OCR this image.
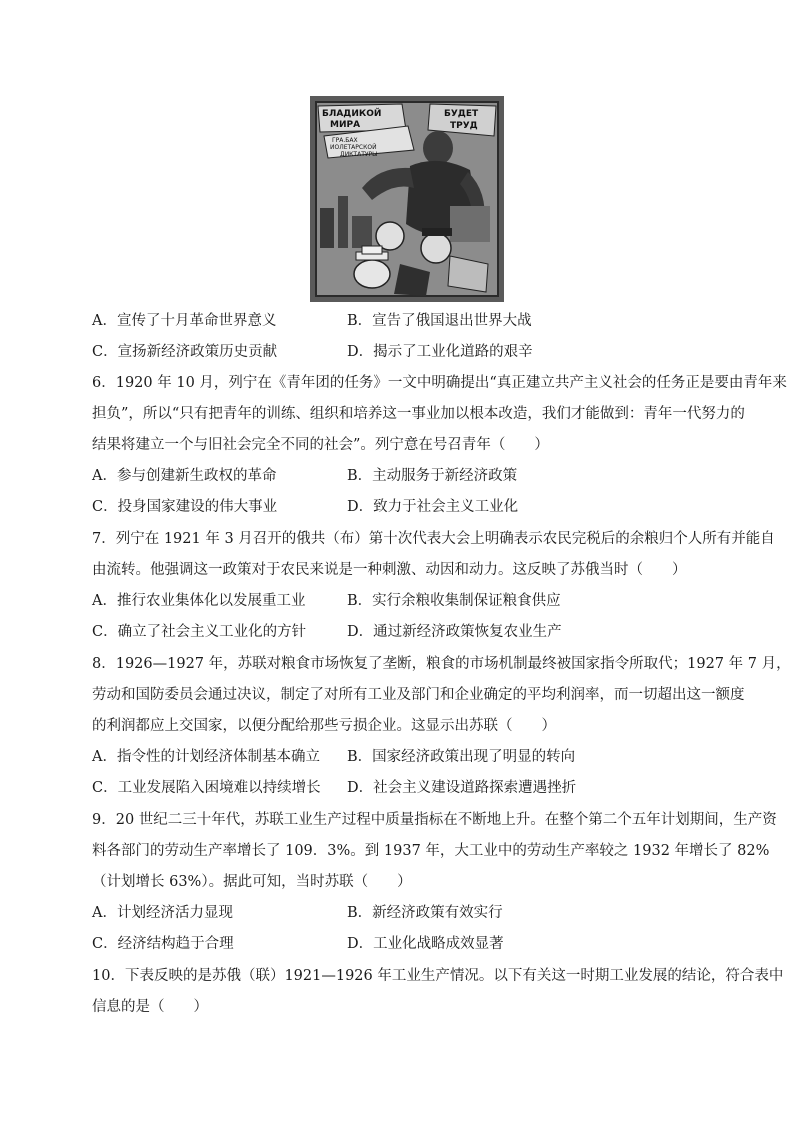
БЛАДИКОЙ
МИРА
БУДЕТ
ТРУД
ГРА.БАХ
ИОЛЕТАРСКОЙ
ДИКТАТУРЫ
A．宣传了十月革命世界意义	B．宣告了俄国退出世界大战
C．宣扬新经济政策历史贡献	D．揭示了工业化道路的艰辛
6．1920 年 10 月，列宁在《青年团的任务》一文中明确提出“真正建立共产主义社会的任务正是要由青年来
担负”，所以“只有把青年的训练、组织和培养这一事业加以根本改造，我们才能做到：青年一代努力的
结果将建立一个与旧社会完全不同的社会”。列宁意在号召青年（　　）
A．参与创建新生政权的革命	B．主动服务于新经济政策
C．投身国家建设的伟大事业	D．致力于社会主义工业化
7．列宁在 1921 年 3 月召开的俄共（布）第十次代表大会上明确表示农民完税后的余粮归个人所有并能自
由流转。他强调这一政策对于农民来说是一种刺激、动因和动力。这反映了苏俄当时（　　）
A．推行农业集体化以发展重工业	B．实行余粮收集制保证粮食供应
C．确立了社会主义工业化的方针	D．通过新经济政策恢复农业生产
8．1926—1927 年，苏联对粮食市场恢复了垄断，粮食的市场机制最终被国家指令所取代；1927 年 7 月，
劳动和国防委员会通过决议，制定了对所有工业及部门和企业确定的平均利润率，而一切超出这一额度
的利润都应上交国家，以便分配给那些亏损企业。这显示出苏联（　　）
A．指令性的计划经济体制基本确立 B．国家经济政策出现了明显的转向
C．工业发展陷入困境难以持续增长 D．社会主义建设道路探索遭遇挫折
9．20 世纪二三十年代，苏联工业生产过程中质量指标在不断地上升。在整个第二个五年计划期间，生产资
料各部门的劳动生产率增长了 109．3%。到 1937 年，大工业中的劳动生产率较之 1932 年增长了 82%
（计划增长 63%）。据此可知，当时苏联（　　）
A．计划经济活力显现	B．新经济政策有效实行
C．经济结构趋于合理	D．工业化战略成效显著
10．下表反映的是苏俄（联）1921—1926 年工业生产情况。以下有关这一时期工业发展的结论，符合表中
信息的是（　　）
